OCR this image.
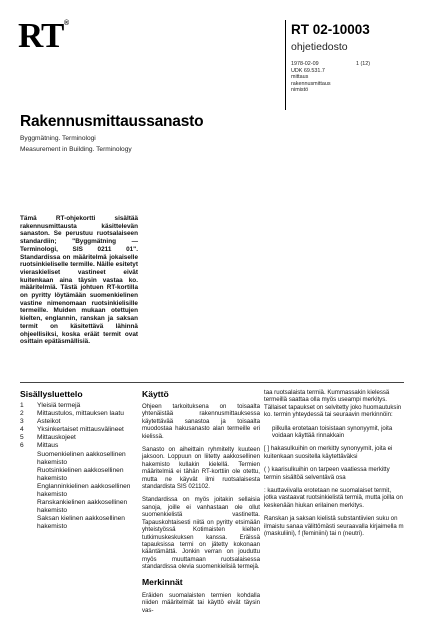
RT ®	RT 02-10003
ohjetiedosto
1978-02-09
UDK 69.531.7
mittaus
rakennusmittaus
nimistö
1 (12)
Rakennusmittaussanasto
Byggmätning. Terminologi
Measurement in Building. Terminology
Tämä RT-ohjekortti sisältää rakennusmittausta käsittelevän sanaston. Se perustuu ruotsalaiseen standardiin; "Byggmätning — Terminologi, SIS 0211 01". Standardissa on määritelmä jokaiselle ruotsinkieliselle termille. Näille esitetyt vieraskieliset vastineet eivät kuitenkaan aina täysin vastaa ko. määritelmiä. Tästä johtuen RT-kortilla on pyritty löytämään suomenkielinen vastine nimenomaan ruotsinkielisille termeille. Muiden mukaan otettujen kielten, englannin, ranskan ja saksan termit on käsitettävä lähinnä ohjeellisiksi, koska eräät termit ovat osittain epätäsmällisiä.
Sisällysluettelo
1	Yleisiä termejä
2	Mittaustulos, mittauksen laatu
3	Asteikot
4	Yksinkertaiset mittausvälineet
5	Mittauskojeet
6	Mittaus
Suomenkielinen aakkosellinen hakemisto
Ruotsinkielinen aakkosellinen hakemisto
Englanninkielinen aakkosellinen hakemisto
Ranskankielinen aakkosellinen hakemisto
Saksan kielinen aakkosellinen hakemisto
Käyttö

Ohjeen tarkoituksena on toisaalta yhtenäistää rakennusmittauksessa käytettävää sanastoa ja toisaalta muodostaa hakusanasto alan termeille eri kielissä.

Sanasto on aiheittain ryhmitelty kuuteen jaksoon. Loppuun on liitetty aakkosellinen hakemisto kullakin kielellä. Termien määritelmiä ei tähän RT-korttiin ole otettu, mutta ne käyvät ilmi ruotsalaisesta standardista SIS 021102.

Standardissa on myös joitakin sellaisia sanoja, joille ei vanhastaan ole ollut suomenkielistä vastinetta. Tapauskohtaisesti niitä on pyritty etsimään yhteistyössä Kotimaisten kielten tutkimuskeskuksen kanssa. Eräissä tapauksissa termi on jätetty kokonaan kääntämättä. Jonkin verran on jouduttu myös muuttamaan ruotsalaisessa standardissa olevia suomenkielisiä termejä.

Merkinnät

Eräiden suomalaisten termien kohdalla niiden määritelmät tai käyttö eivät täysin vas-

taa ruotsalaista termiä. Kummassakin kielessä termeillä saattaa olla myös useampi merkitys. Tällaiset tapaukset on selvitetty joko huomautuksin ko. termin yhteydessä tai seuraavin merkinnöin:

pilkulla erotetaan toisistaan synonyymit, joita voidaan käyttää rinnakkain

[ ] hakasulkuihin on merkitty synonyymit, joita ei kuitenkaan suositella käytettäväksi

( ) kaarisulkuihin on tarpeen vaatiessa merkitty termin sisältöä selventävä osa

: kauttaviivalla erotetaan ne suomalaiset termit, jotka vastaavat ruotsinkielistä termiä, mutta joilla on keskenään hiukan erilainen merkitys.

Ranskan ja saksan kielistä substantiivien suku on ilmaistu sanaa välittömästi seuraavalla kirjaimella m (maskuliini), f (feminiini) tai n (neutri).
